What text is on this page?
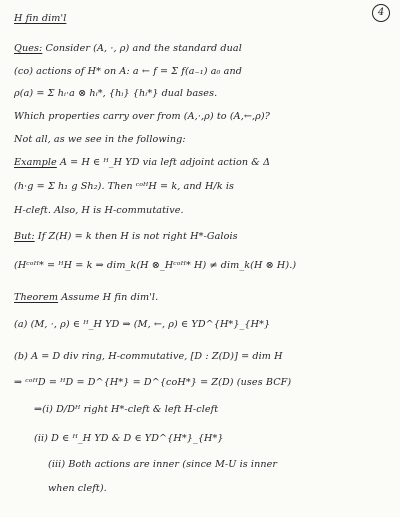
4
H fin dim'l
Ques: Consider (A, ·, ρ) and the standard dual
(co) actions of H* on A: a ← f = Σ f(a₋₁) a₀ and
ρ(a) = Σ hᵢ·a ⊗ hᵢ*, {hᵢ} {hᵢ*} dual bases.
Which properties carry over from (A,·,ρ) to (A,←,ρ)?
Not all, as we see in the following:
Example A = H ∈ ᴴ_H YD via left adjoint action & Δ
(h·g = Σ h₁ g Sh₂). Then ᶜᵒᴴH = k, and H/k is
H-cleft. Also, H is H-commutative.
But: If Z(H) = k then H is not right H*-Galois
(Hᶜᵒᴴ* = ᴴH = k ⇒ dim_k(H ⊗_Hᶜᵒᴴ* H) ≠ dim_k(H ⊗ H).)
Theorem Assume H fin dim'l.
(a) (M, ·, ρ) ∈ ᴴ_H YD ⇒ (M, ←, ρ) ∈ YD^{H*}_{H*}
(b) A = D div ring, H-commutative, [D : Z(D)] = dim H
⇒ ᶜᵒᴴD = ᴴD = D^{H*} = D^{coH*} = Z(D) (uses BCF)
⇒(i) D/Dᴴ right H*-cleft & left H-cleft
(ii) D ∈ ᴴ_H YD & D ∈ YD^{H*}_{H*}
(iii) Both actions are inner (since M-U is inner
when cleft).
